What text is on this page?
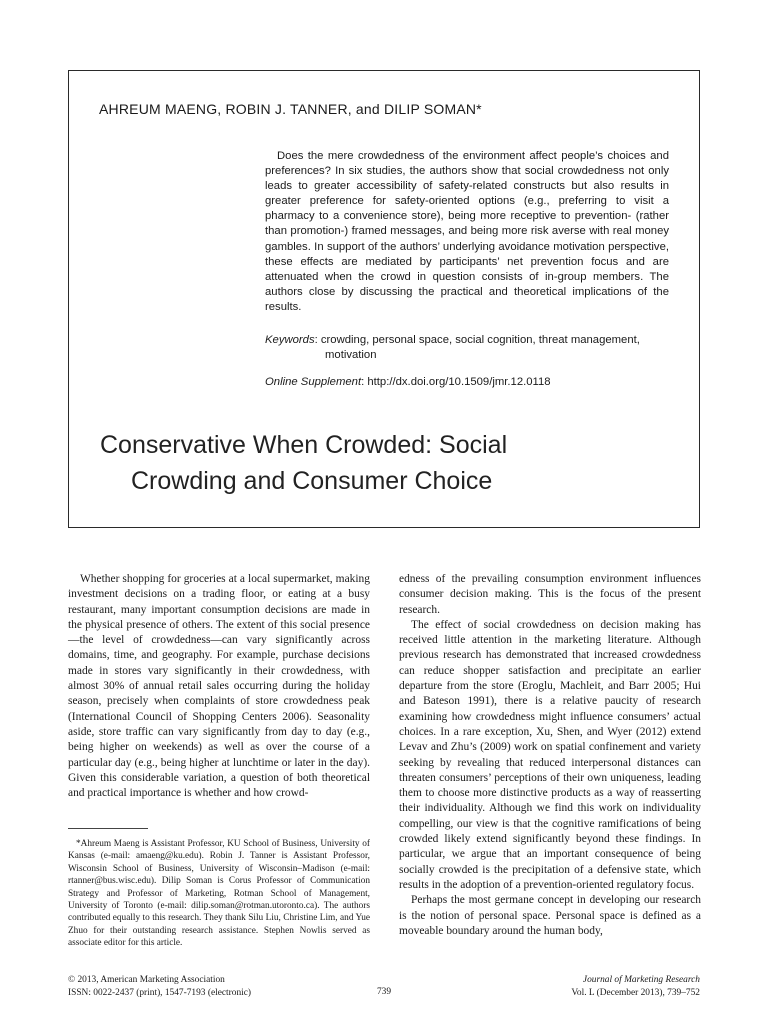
AHREUM MAENG, ROBIN J. TANNER, and DILIP SOMAN*
Does the mere crowdedness of the environment affect people’s choices and preferences? In six studies, the authors show that social crowdedness not only leads to greater accessibility of safety-related constructs but also results in greater preference for safety-oriented options (e.g., preferring to visit a pharmacy to a convenience store), being more receptive to prevention- (rather than promotion-) framed messages, and being more risk averse with real money gambles. In support of the authors’ underlying avoidance motivation perspective, these effects are mediated by participants’ net prevention focus and are attenuated when the crowd in question consists of in-group members. The authors close by discussing the practical and theoretical implications of the results.
Keywords: crowding, personal space, social cognition, threat management,
motivation
Online Supplement: http://dx.doi.org/10.1509/jmr.12.0118
Conservative When Crowded: Social
Crowding and Consumer Choice

Whether shopping for groceries at a local supermarket, making investment decisions on a trading floor, or eating at a busy restaurant, many important consumption decisions are made in the physical presence of others. The extent of this social presence—the level of crowdedness—can vary significantly across domains, time, and geography. For example, purchase decisions made in stores vary significantly in their crowdedness, with almost 30% of annual retail sales occurring during the holiday season, precisely when complaints of store crowdedness peak (International Council of Shopping Centers 2006). Seasonality aside, store traffic can vary significantly from day to day (e.g., being higher on weekends) as well as over the course of a particular day (e.g., being higher at lunchtime or later in the day). Given this considerable variation, a question of both theoretical and practical importance is whether and how crowd-

*Ahreum Maeng is Assistant Professor, KU School of Business, University of Kansas (e-mail: amaeng@ku.edu). Robin J. Tanner is Assistant Professor, Wisconsin School of Business, University of Wisconsin–Madison (e-mail: rtanner@bus.wisc.edu). Dilip Soman is Corus Professor of Communication Strategy and Professor of Marketing, Rotman School of Management, University of Toronto (e-mail: dilip.soman@rotman.utoronto.ca). The authors contributed equally to this research. They thank Silu Liu, Christine Lim, and Yue Zhuo for their outstanding research assistance. Stephen Nowlis served as associate editor for this article.

edness of the prevailing consumption environment influences consumer decision making. This is the focus of the present research.

The effect of social crowdedness on decision making has received little attention in the marketing literature. Although previous research has demonstrated that increased crowdedness can reduce shopper satisfaction and precipitate an earlier departure from the store (Eroglu, Machleit, and Barr 2005; Hui and Bateson 1991), there is a relative paucity of research examining how crowdedness might influence consumers’ actual choices. In a rare exception, Xu, Shen, and Wyer (2012) extend Levav and Zhu’s (2009) work on spatial confinement and variety seeking by revealing that reduced interpersonal distances can threaten consumers’ perceptions of their own uniqueness, leading them to choose more distinctive products as a way of reasserting their individuality. Although we find this work on individuality compelling, our view is that the cognitive ramifications of being crowded likely extend significantly beyond these findings. In particular, we argue that an important consequence of being socially crowded is the precipitation of a defensive state, which results in the adoption of a prevention-oriented regulatory focus.

Perhaps the most germane concept in developing our research is the notion of personal space. Personal space is defined as a moveable boundary around the human body,

© 2013, American Marketing Association
ISSN: 0022-2437 (print), 1547-7193 (electronic)	739
Journal of Marketing Research
Vol. L (December 2013), 739–752
